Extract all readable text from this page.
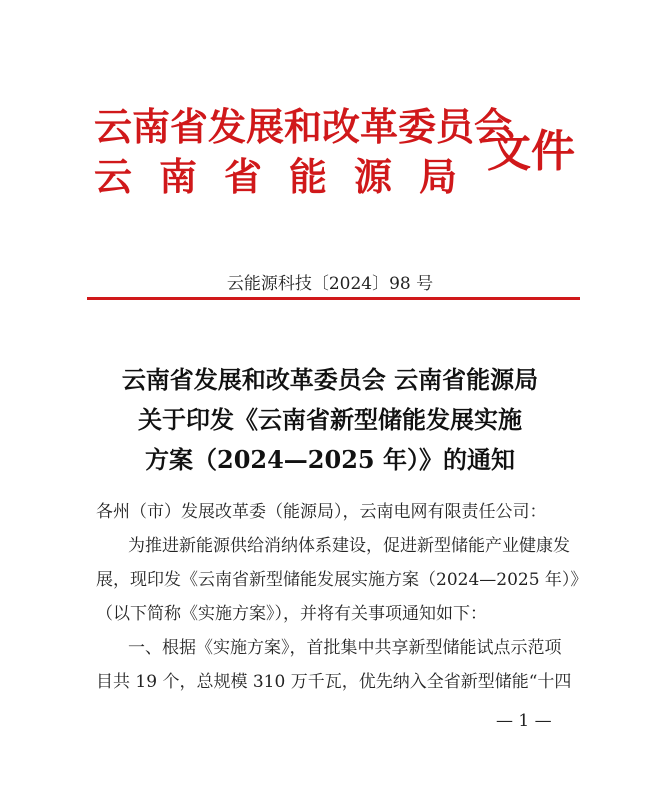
云南省发展和改革委员会
云南省能源局 文件
云能源科技〔2024〕98 号
云南省发展和改革委员会 云南省能源局
关于印发《云南省新型储能发展实施
方案（2024—2025 年）》的通知

各州（市）发展改革委（能源局），云南电网有限责任公司：

为推进新能源供给消纳体系建设，促进新型储能产业健康发

展，现印发《云南省新型储能发展实施方案（2024—2025 年）》

（以下简称《实施方案》），并将有关事项通知如下：

一、根据《实施方案》，首批集中共享新型储能试点示范项

目共 19 个，总规模 310 万千瓦，优先纳入全省新型储能“十四

— 1 —
